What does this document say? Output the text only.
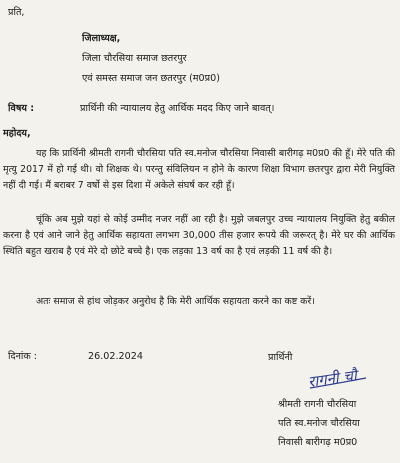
प्रति,
जिलाध्यक्ष,
जिला चौरसिया समाज छतरपुर
एवं समस्त समाज जन छतरपुर (म0प्र0)
विषय :	प्रार्थिनी की न्यायालय हेतु आर्थिक मदद किए जाने बावत्।
महोदय,
यह कि प्रार्थिनी श्रीमती रागनी चौरसिया पति स्व.मनोज चौरसिया निवासी बारीगढ़ म0प्र0 की हूँ। मेरे पति की मृत्यु 2017 में हो गई थी। वो शिक्षक थे। परन्तु संविलियन न होने के कारण शिक्षा विभाग छतरपुर द्वारा मेरी नियुक्ति नहीं दी गई। मैं बराबर 7 वर्षो से इस दिशा में अकेले संघर्ष कर रही हूँ।
चूंकि अब मुझे यहां से कोई उम्मीद नजर नहीं आ रही है। मुझे जबलपुर उच्च न्यायालय नियुक्ति हेतु बकील करना है एवं आने जाने हेतु आर्थिक सहायता लगभग 30,000 तीस हजार रूपये की जरूरत् है। मेरे घर की आर्थिक स्थिति बहुत खराब है एवं मेरे दो छोटे बच्चे है। एक लड़का 13 वर्ष का है एवं लड़की 11 वर्ष की है।
अतः समाज से हांथ जोड़कर अनुरोध है कि मेरी आर्थिक सहायता करने का कष्ट करें।
दिनांक :	26.02.2024	प्रार्थिनी
रागनी चौ
श्रीमती रागनी चौरसिया
पति स्व.मनोज चौरसिया
निवासी बारीगढ़ म0प्र0
